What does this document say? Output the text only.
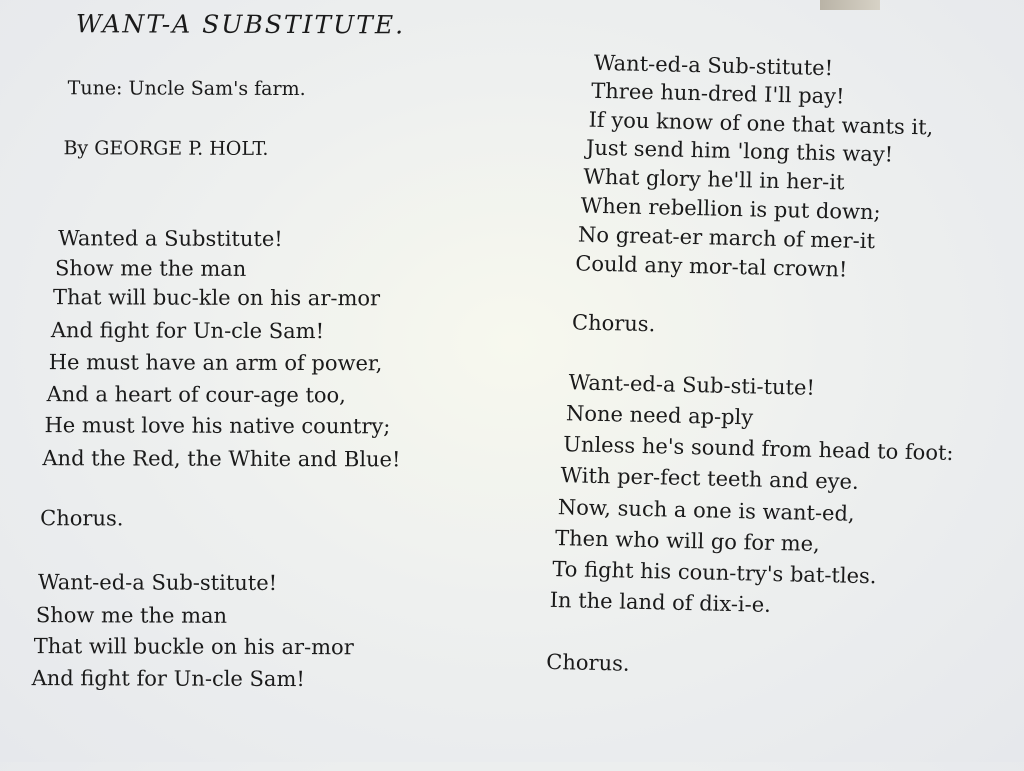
WANT-A SUBSTITUTE.
Tune: Uncle Sam's farm.
By GEORGE P. HOLT.
Wanted a Substitute!
Show me the man
That will buc-kle on his ar-mor
And fight for Un-cle Sam!
He must have an arm of power,
And a heart of cour-age too,
He must love his native country;
And the Red, the White and Blue!
Chorus.
Want-ed-a Sub-stitute!
Show me the man
That will buckle on his ar-mor
And fight for Un-cle Sam!
Want-ed-a Sub-stitute!
Three hun-dred I'll pay!
If you know of one that wants it,
Just send him 'long this way!
What glory he'll in her-it
When rebellion is put down;
No great-er march of mer-it
Could any mor-tal crown!
Chorus.
Want-ed-a Sub-sti-tute!
None need ap-ply
Unless he's sound from head to foot:
With per-fect teeth and eye.
Now, such a one is want-ed,
Then who will go for me,
To fight his coun-try's bat-tles.
In the land of dix-i-e.
Chorus.
